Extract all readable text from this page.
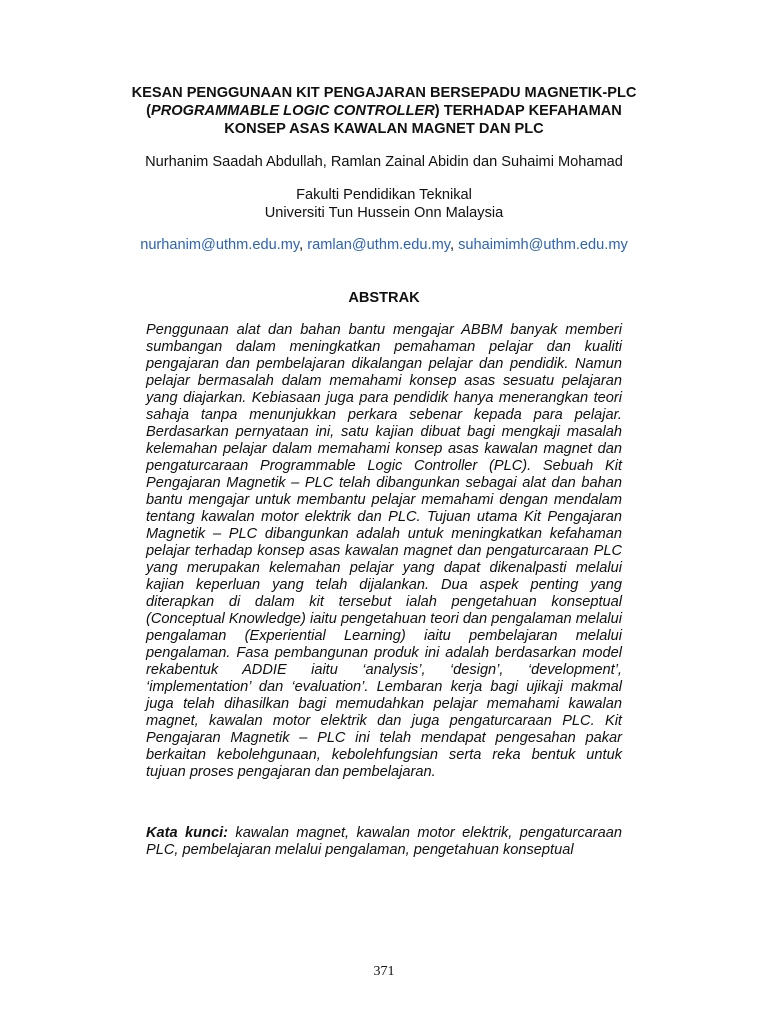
KESAN PENGGUNAAN KIT PENGAJARAN BERSEPADU MAGNETIK-PLC
(PROGRAMMABLE LOGIC CONTROLLER) TERHADAP KEFAHAMAN
KONSEP ASAS KAWALAN MAGNET DAN PLC
Nurhanim Saadah Abdullah, Ramlan Zainal Abidin dan Suhaimi Mohamad
Fakulti Pendidikan Teknikal
Universiti Tun Hussein Onn Malaysia
nurhanim@uthm.edu.my, ramlan@uthm.edu.my, suhaimimh@uthm.edu.my
ABSTRAK

Penggunaan alat dan bahan bantu mengajar ABBM banyak memberi sumbangan dalam meningkatkan pemahaman pelajar dan kualiti pengajaran dan pembelajaran dikalangan pelajar dan pendidik. Namun pelajar bermasalah dalam memahami konsep asas sesuatu pelajaran yang diajarkan. Kebiasaan juga para pendidik hanya menerangkan teori sahaja tanpa menunjukkan perkara sebenar kepada para pelajar. Berdasarkan pernyataan ini, satu kajian dibuat bagi mengkaji masalah kelemahan pelajar dalam memahami konsep asas kawalan magnet dan pengaturcaraan Programmable Logic Controller (PLC). Sebuah Kit Pengajaran Magnetik – PLC telah dibangunkan sebagai alat dan bahan bantu mengajar untuk membantu pelajar memahami dengan mendalam tentang kawalan motor elektrik dan PLC. Tujuan utama Kit Pengajaran Magnetik – PLC dibangunkan adalah untuk meningkatkan kefahaman pelajar terhadap konsep asas kawalan magnet dan pengaturcaraan PLC yang merupakan kelemahan pelajar yang dapat dikenalpasti melalui kajian keperluan yang telah dijalankan. Dua aspek penting yang diterapkan di dalam kit tersebut ialah pengetahuan konseptual (Conceptual Knowledge) iaitu pengetahuan teori dan pengalaman melalui pengalaman (Experiential Learning) iaitu pembelajaran melalui pengalaman. Fasa pembangunan produk ini adalah berdasarkan model rekabentuk ADDIE iaitu ‘analysis’, ‘design’, ‘development’, ‘implementation’ dan ‘evaluation’. Lembaran kerja bagi ujikaji makmal juga telah dihasilkan bagi memudahkan pelajar memahami kawalan magnet, kawalan motor elektrik dan juga pengaturcaraan PLC. Kit Pengajaran Magnetik – PLC ini telah mendapat pengesahan pakar berkaitan kebolehgunaan, kebolehfungsian serta reka bentuk untuk tujuan proses pengajaran dan pembelajaran.

Kata kunci: kawalan magnet, kawalan motor elektrik, pengaturcaraan PLC, pembelajaran melalui pengalaman, pengetahuan konseptual

371
